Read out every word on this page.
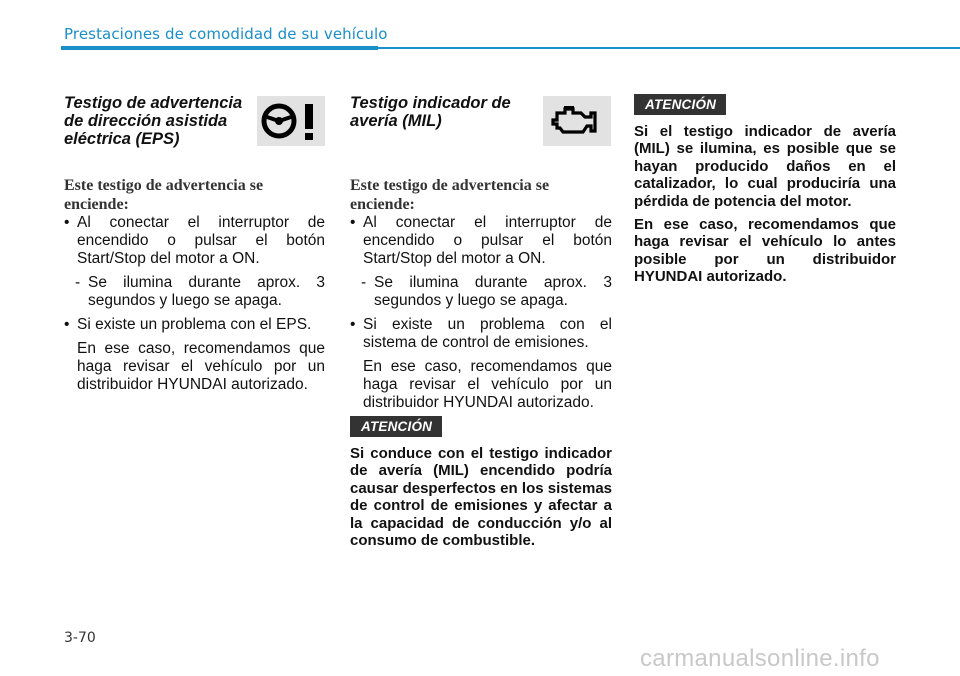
Prestaciones de comodidad de su vehículo
Testigo de advertencia
de dirección asistida
eléctrica (EPS)
Este testigo de advertencia se
enciende:
• Al conectar el interruptor de encendido o pulsar el botón Start/Stop del motor a ON.
- Se ilumina durante aprox. 3 segundos y luego se apaga.
• Si existe un problema con el EPS.
En ese caso, recomendamos que haga revisar el vehículo por un distribuidor HYUNDAI autorizado.
Testigo indicador de
avería (MIL)
Este testigo de advertencia se
enciende:
• Al conectar el interruptor de encendido o pulsar el botón Start/Stop del motor a ON.
- Se ilumina durante aprox. 3 segundos y luego se apaga.
• Si existe un problema con el sistema de control de emisiones.
En ese caso, recomendamos que haga revisar el vehículo por un distribuidor HYUNDAI autorizado.
ATENCIÓN

Si conduce con el testigo indicador de avería (MIL) encendido podría causar desperfectos en los sistemas de control de emisiones y afectar a la capacidad de conducción y/o al consumo de combustible.

ATENCIÓN

Si el testigo indicador de avería (MIL) se ilumina, es posible que se hayan producido daños en el catalizador, lo cual produciría una pérdida de potencia del motor.

En ese caso, recomendamos que haga revisar el vehículo lo antes posible por un distribuidor HYUNDAI autorizado.

3-70
carmanualsonline.info
